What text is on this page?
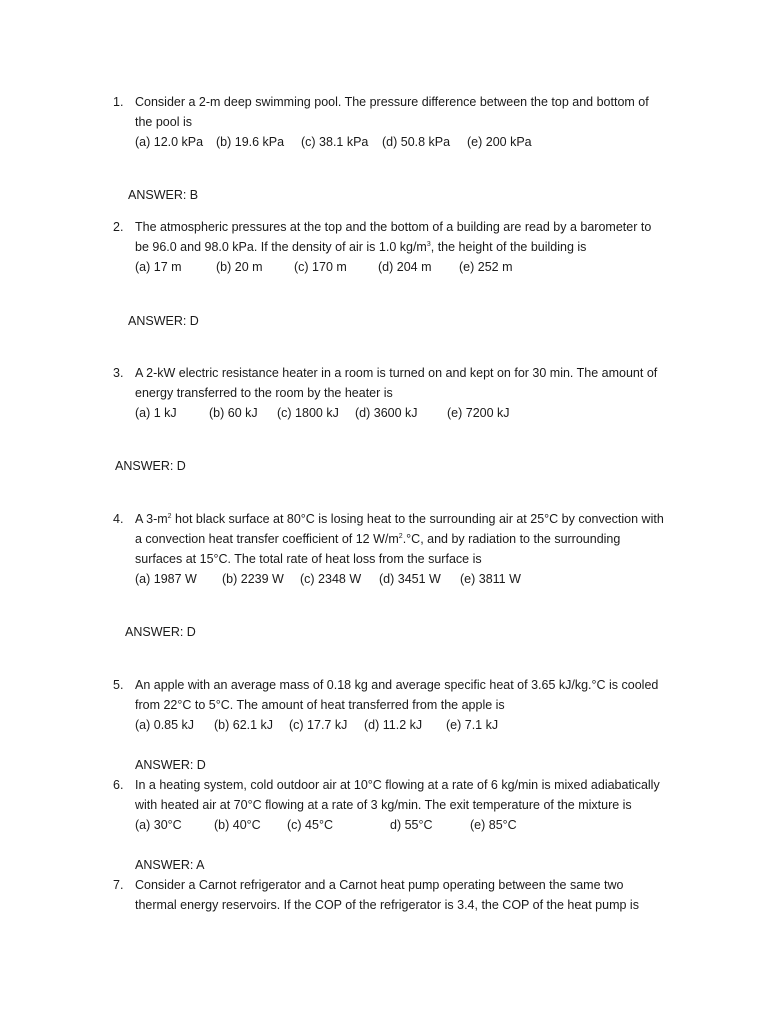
1. Consider a 2-m deep swimming pool. The pressure difference between the top and bottom of
the pool is
(a) 12.0 kPa (b) 19.6 kPa (c) 38.1 kPa (d) 50.8 kPa (e) 200 kPa
ANSWER: B
2. The atmospheric pressures at the top and the bottom of a building are read by a barometer to
be 96.0 and 98.0 kPa. If the density of air is 1.0 $kg/m^3$, the height of the building is
(a) 17 m	(b) 20 m	(c) 170 m (d) 204 m (e) 252 m
ANSWER: D
3. A 2-kW electric resistance heater in a room is turned on and kept on for 30 min. The amount of
energy transferred to the room by the heater is
(a) 1 kJ	(b) 60 kJ (c) 1800 kJ (d) 3600 kJ (e) 7200 kJ
ANSWER: D
4. A $3-m^2$ hot black surface at 80°C is losing heat to the surrounding air at 25°C by convection with
a convection heat transfer coefficient of 12 $W/m^2.^\circ C$, and by radiation to the surrounding
surfaces at 15°C. The total rate of heat loss from the surface is
(a) 1987 W (b) 2239 W (c) 2348 W (d) 3451 W (e) 3811 W
ANSWER: D
5. An apple with an average mass of 0.18 kg and average specific heat of 3.65 kJ/kg.°C is cooled
from 22°C to 5°C. The amount of heat transferred from the apple is
(a) 0.85 kJ (b) 62.1 kJ (c) 17.7 kJ (d) 11.2 kJ (e) 7.1 kJ
ANSWER: D
6. In a heating system, cold outdoor air at 10°C flowing at a rate of 6 kg/min is mixed adiabatically
with heated air at 70°C flowing at a rate of 3 kg/min. The exit temperature of the mixture is
(a) 30°C	(b) 40°C (c) 45°C	d) 55°C	(e) 85°C
ANSWER: A
7. Consider a Carnot refrigerator and a Carnot heat pump operating between the same two
thermal energy reservoirs. If the COP of the refrigerator is 3.4, the COP of the heat pump is
